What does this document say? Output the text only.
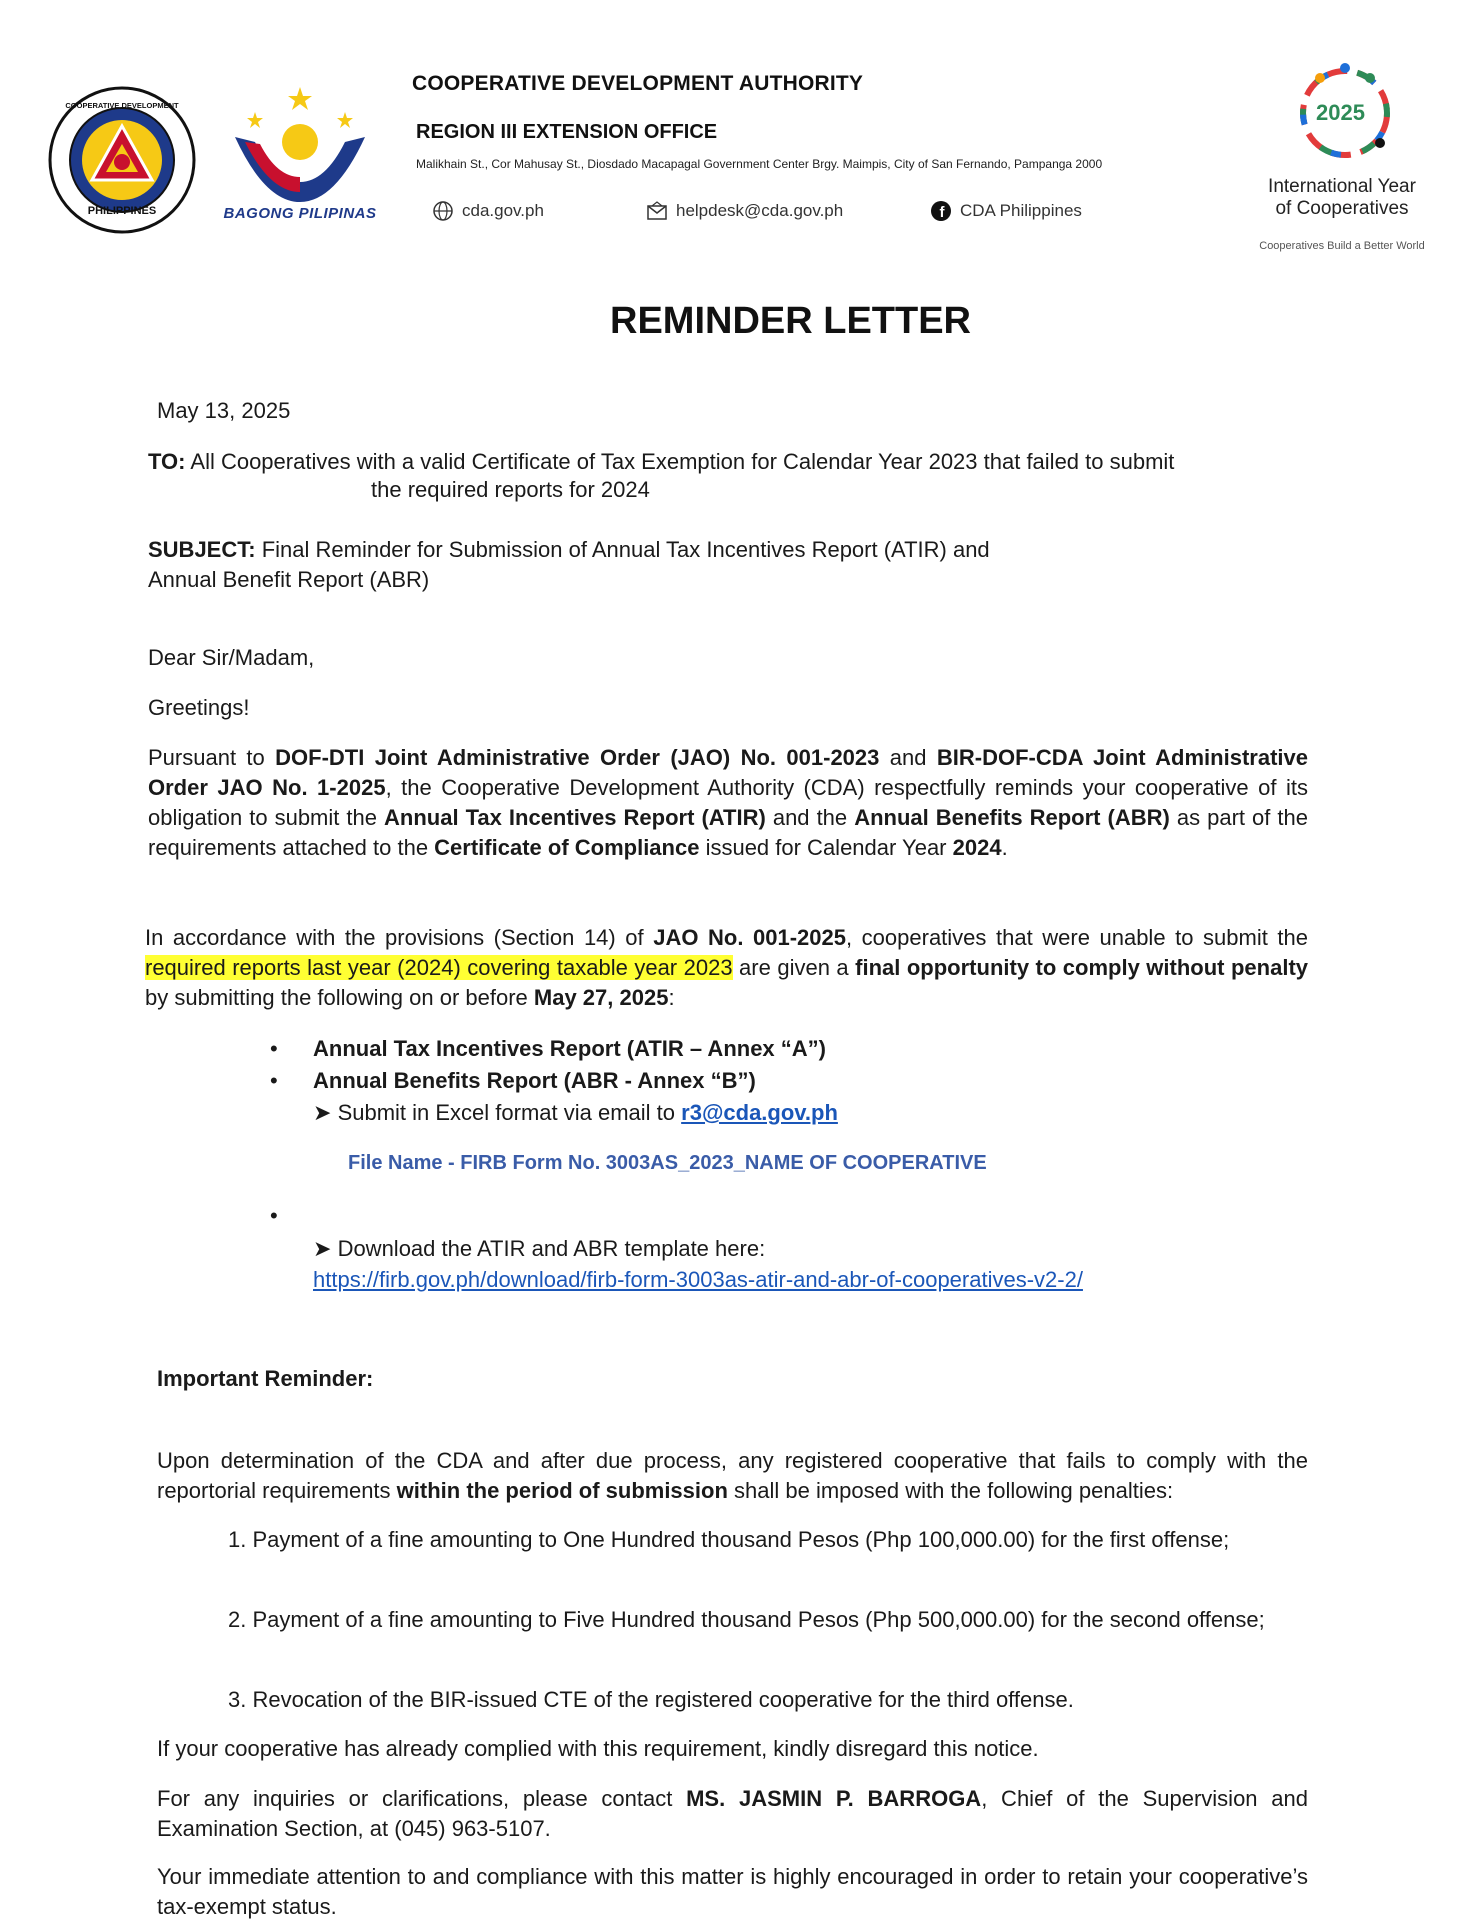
PHILIPPINES
COOPERATIVE DEVELOPMENT
BAGONG PILIPINAS
COOPERATIVE DEVELOPMENT AUTHORITY
REGION III EXTENSION OFFICE
Malikhain St., Cor Mahusay St., Diosdado Macapagal Government Center Brgy. Maimpis, City of San Fernando, Pampanga 2000
cda.gov.ph	helpdesk@cda.gov.ph	f CDA Philippines
2025
International Year
of Cooperatives
Cooperatives Build a Better World
REMINDER LETTER
May 13, 2025
TO: All Cooperatives with a valid Certificate of Tax Exemption for Calendar Year 2023 that failed to submit
the required reports for 2024
SUBJECT: Final Reminder for Submission of Annual Tax Incentives Report (ATIR) and
Annual Benefit Report (ABR)
Dear Sir/Madam,
Greetings!
Pursuant to DOF-DTI Joint Administrative Order (JAO) No. 001-2023 and BIR-DOF-CDA Joint Administrative Order JAO No. 1-2025, the Cooperative Development Authority (CDA) respectfully reminds your cooperative of its obligation to submit the Annual Tax Incentives Report (ATIR) and the Annual Benefits Report (ABR) as part of the requirements attached to the Certificate of Compliance issued for Calendar Year 2024.
In accordance with the provisions (Section 14) of JAO No. 001-2025, cooperatives that were unable to submit the required reports last year (2024) covering taxable year 2023 are given a final opportunity to comply without penalty by submitting the following on or before May 27, 2025:
• Annual Tax Incentives Report (ATIR – Annex “A”)
• Annual Benefits Report (ABR - Annex “B”)
➤ Submit in Excel format via email to r3@cda.gov.ph
File Name - FIRB Form No. 3003AS_2023_NAME OF COOPERATIVE
•
➤ Download the ATIR and ABR template here:
https://firb.gov.ph/download/firb-form-3003as-atir-and-abr-of-cooperatives-v2-2/
Important Reminder:
Upon determination of the CDA and after due process, any registered cooperative that fails to comply with the reportorial requirements within the period of submission shall be imposed with the following penalties:
1. Payment of a fine amounting to One Hundred thousand Pesos (Php 100,000.00) for the first offense;
2. Payment of a fine amounting to Five Hundred thousand Pesos (Php 500,000.00) for the second offense;
3. Revocation of the BIR-issued CTE of the registered cooperative for the third offense.
If your cooperative has already complied with this requirement, kindly disregard this notice.
For any inquiries or clarifications, please contact MS. JASMIN P. BARROGA, Chief of the Supervision and Examination Section, at (045) 963-5107.
Your immediate attention to and compliance with this matter is highly encouraged in order to retain your cooperative’s tax-exempt status.
